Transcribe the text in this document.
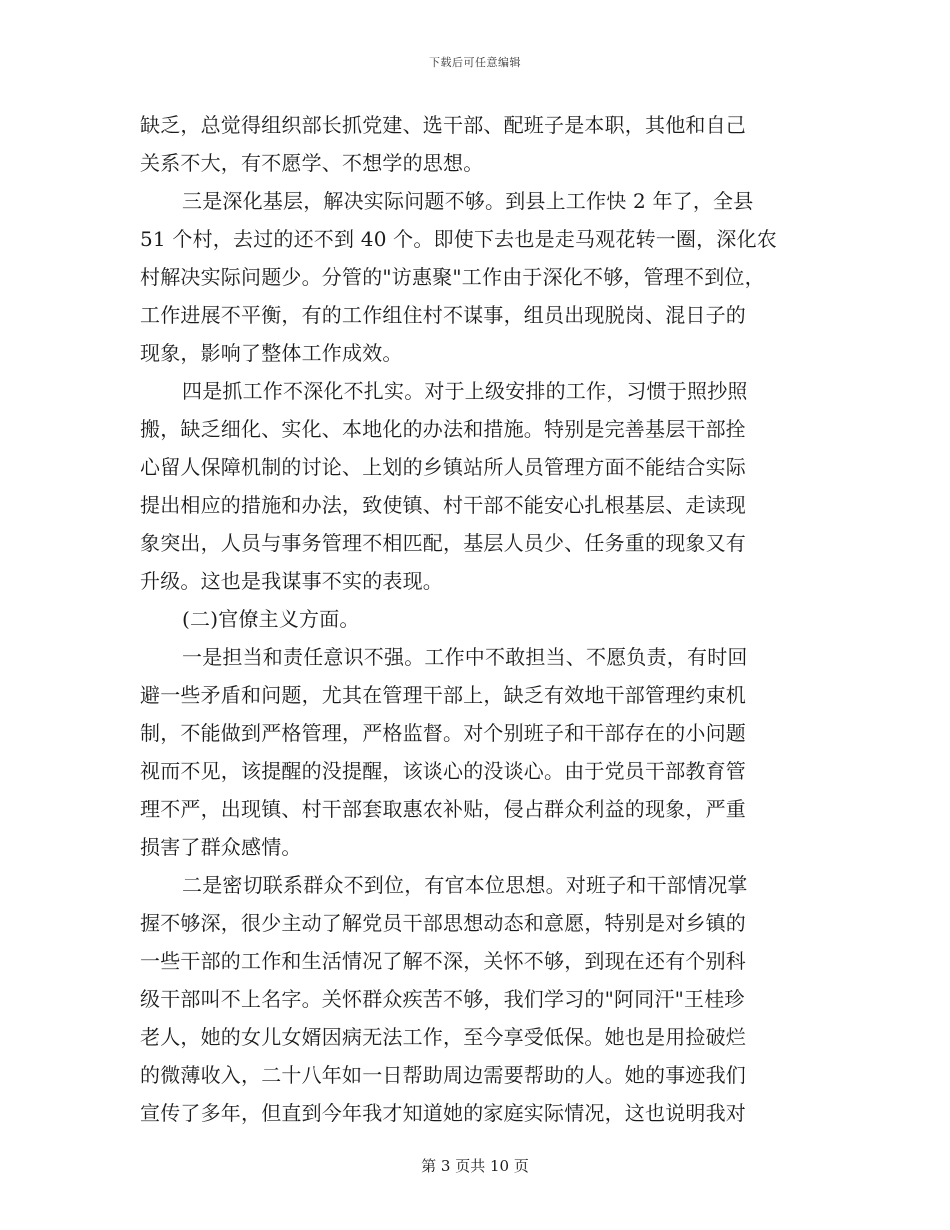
下载后可任意编辑
缺乏，总觉得组织部长抓党建、选干部、配班子是本职，其他和自己
关系不大，有不愿学、不想学的思想。
三是深化基层，解决实际问题不够。到县上工作快 2 年了，全县
51 个村，去过的还不到 40 个。即使下去也是走马观花转一圈，深化农
村解决实际问题少。分管的"访惠聚"工作由于深化不够，管理不到位，
工作进展不平衡，有的工作组住村不谋事，组员出现脱岗、混日子的
现象，影响了整体工作成效。
四是抓工作不深化不扎实。对于上级安排的工作，习惯于照抄照
搬，缺乏细化、实化、本地化的办法和措施。特别是完善基层干部拴
心留人保障机制的讨论、上划的乡镇站所人员管理方面不能结合实际
提出相应的措施和办法，致使镇、村干部不能安心扎根基层、走读现
象突出，人员与事务管理不相匹配，基层人员少、任务重的现象又有
升级。这也是我谋事不实的表现。
(二)官僚主义方面。
一是担当和责任意识不强。工作中不敢担当、不愿负责，有时回
避一些矛盾和问题，尤其在管理干部上，缺乏有效地干部管理约束机
制，不能做到严格管理，严格监督。对个别班子和干部存在的小问题
视而不见，该提醒的没提醒，该谈心的没谈心。由于党员干部教育管
理不严，出现镇、村干部套取惠农补贴，侵占群众利益的现象，严重
损害了群众感情。
二是密切联系群众不到位，有官本位思想。对班子和干部情况掌
握不够深，很少主动了解党员干部思想动态和意愿，特别是对乡镇的
一些干部的工作和生活情况了解不深，关怀不够，到现在还有个别科
级干部叫不上名字。关怀群众疾苦不够，我们学习的"阿同汗"王桂珍
老人，她的女儿女婿因病无法工作，至今享受低保。她也是用捡破烂
的微薄收入，二十八年如一日帮助周边需要帮助的人。她的事迹我们
宣传了多年，但直到今年我才知道她的家庭实际情况，这也说明我对
第 3 页共 10 页
